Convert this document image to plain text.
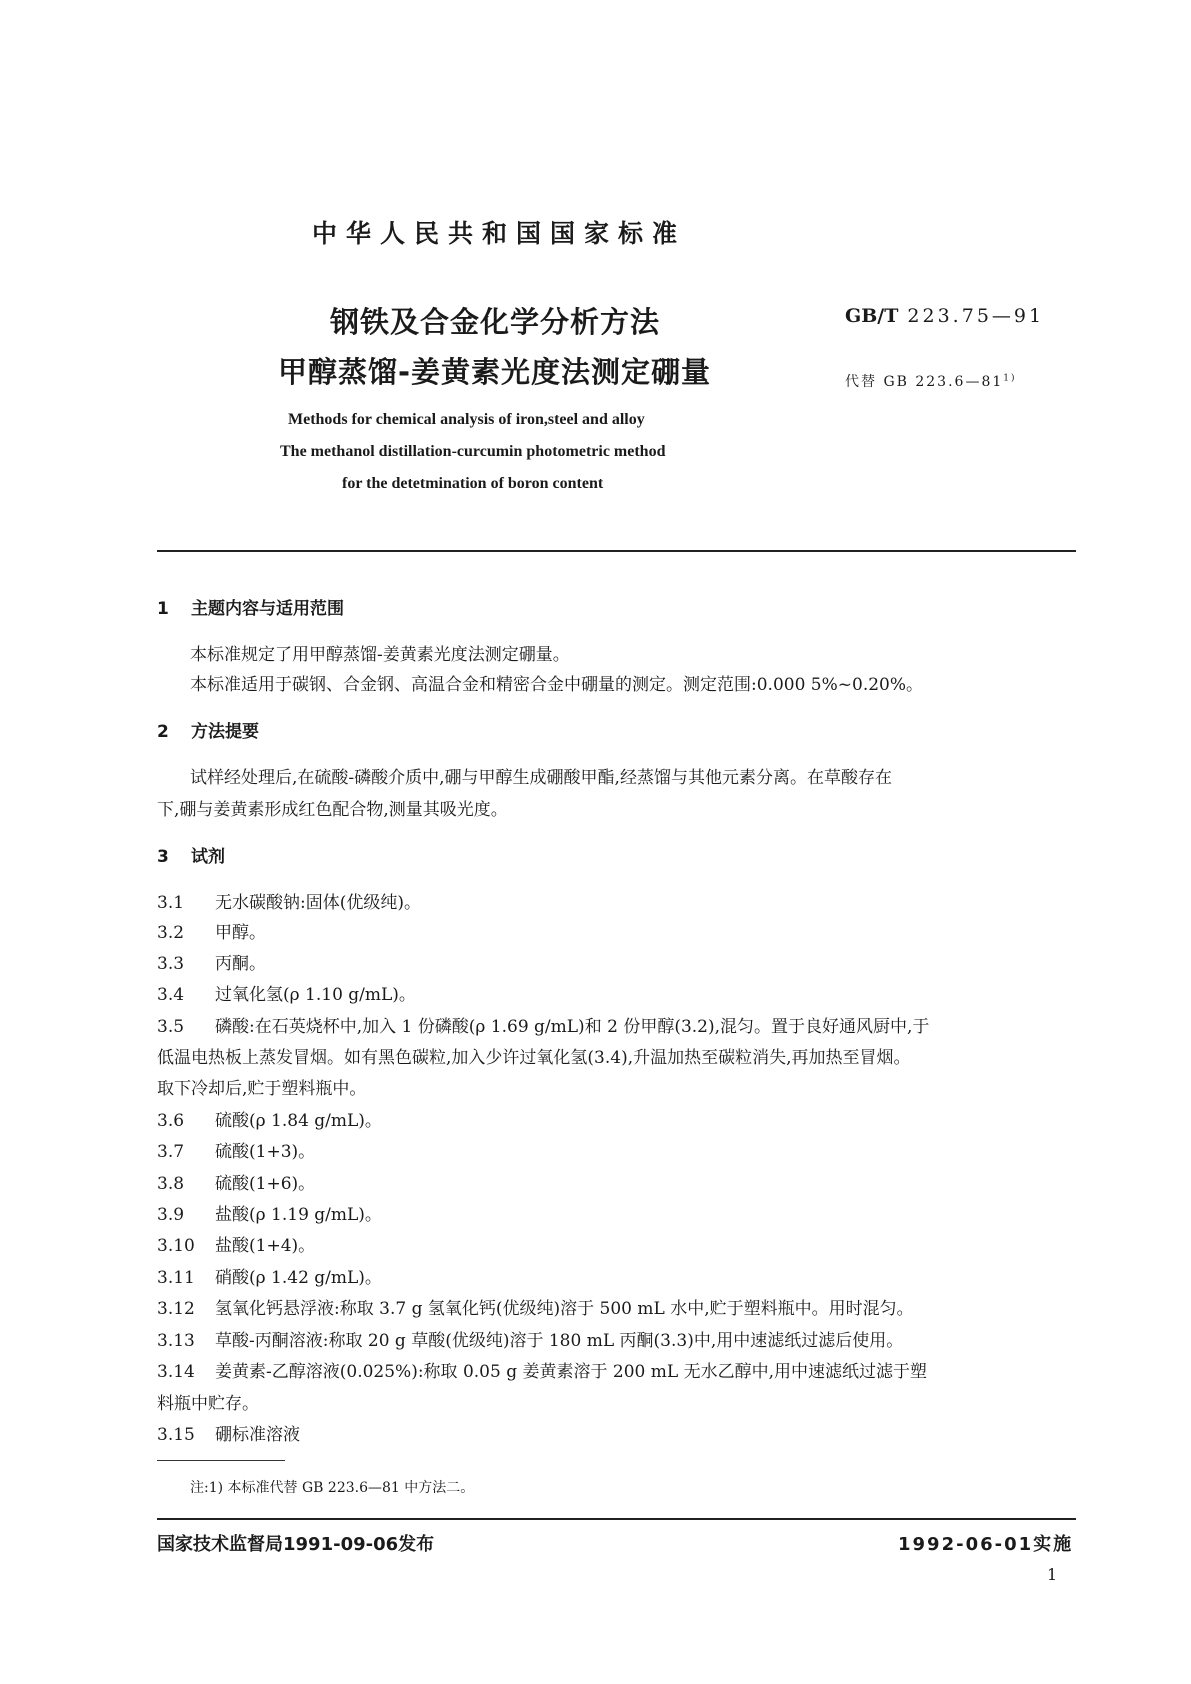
中华人民共和国国家标准
钢铁及合金化学分析方法
甲醇蒸馏-姜黄素光度法测定硼量
GB/T 223.75—91
代替 GB 223.6—81$^{1)}$
Methods for chemical analysis of iron,steel and alloy
The methanol distillation-curcumin photometric method
for the detetmination of boron content
1 主题内容与适用范围
本标准规定了用甲醇蒸馏-姜黄素光度法测定硼量。
本标准适用于碳钢、合金钢、高温合金和精密合金中硼量的测定。测定范围:0.000 5%~0.20%。
2 方法提要
试样经处理后,在硫酸-磷酸介质中,硼与甲醇生成硼酸甲酯,经蒸馏与其他元素分离。在草酸存在
下,硼与姜黄素形成红色配合物,测量其吸光度。
3 试剂
3.1 无水碳酸钠:固体(优级纯)。
3.2 甲醇。
3.3 丙酮。
3.4 过氧化氢(ρ 1.10 g/mL)。
3.5 磷酸:在石英烧杯中,加入 1 份磷酸(ρ 1.69 g/mL)和 2 份甲醇(3.2),混匀。置于良好通风厨中,于
低温电热板上蒸发冒烟。如有黑色碳粒,加入少许过氧化氢(3.4),升温加热至碳粒消失,再加热至冒烟。
取下冷却后,贮于塑料瓶中。
3.6 硫酸(ρ 1.84 g/mL)。
3.7 硫酸(1+3)。
3.8 硫酸(1+6)。
3.9 盐酸(ρ 1.19 g/mL)。
3.10 盐酸(1+4)。
3.11 硝酸(ρ 1.42 g/mL)。
3.12 氢氧化钙悬浮液:称取 3.7 g 氢氧化钙(优级纯)溶于 500 mL 水中,贮于塑料瓶中。用时混匀。
3.13 草酸-丙酮溶液:称取 20 g 草酸(优级纯)溶于 180 mL 丙酮(3.3)中,用中速滤纸过滤后使用。
3.14 姜黄素-乙醇溶液(0.025%):称取 0.05 g 姜黄素溶于 200 mL 无水乙醇中,用中速滤纸过滤于塑
料瓶中贮存。
3.15 硼标准溶液
注:1) 本标准代替 GB 223.6—81 中方法二。
国家技术监督局1991-09-06发布	1992-06-01实施
1
